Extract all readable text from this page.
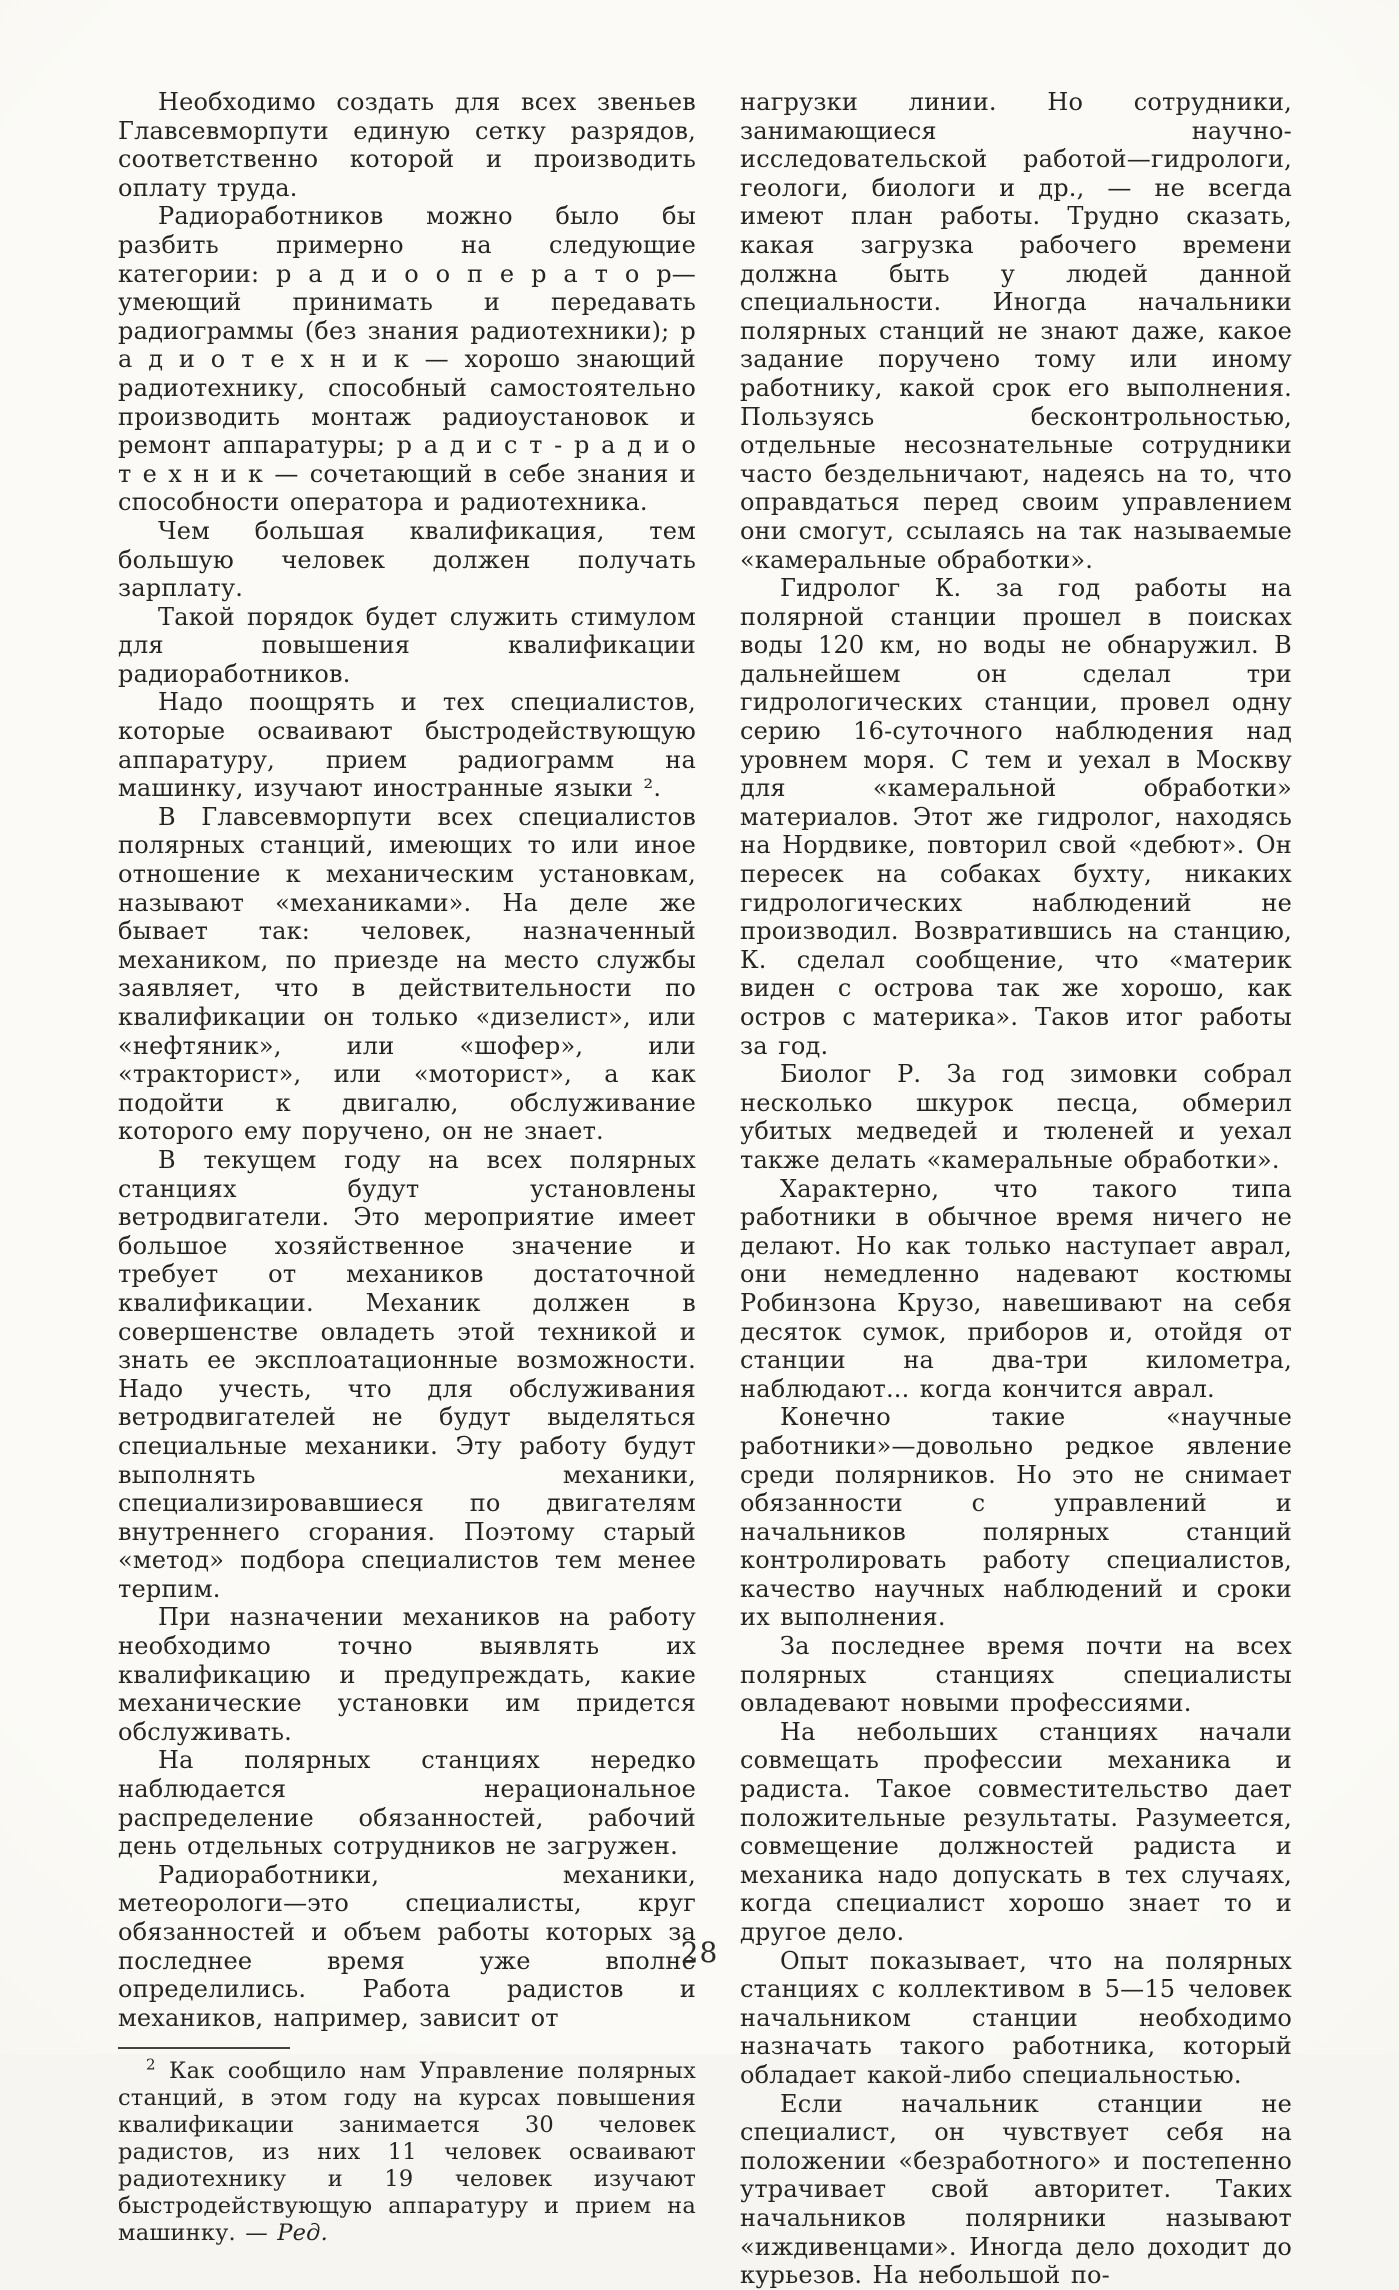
Необходимо создать для всех звеньев Главсевморпути единую сетку разрядов, соответственно которой и производить оплату труда.

Радиоработников можно было бы разбить примерно на следующие категории: р а д и о о п е р а т о р—умеющий принимать и передавать радиограммы (без знания радиотехники); р а д и о т е х н и к — хорошо знающий радиотехнику, способный самостоятельно производить монтаж радиоустановок и ремонт аппаратуры; р а д и с т - р а д и о т е х н и к — сочетающий в себе знания и способности оператора и радиотехника.

Чем большая квалификация, тем большую человек должен получать зарплату.

Такой порядок будет служить стимулом для повышения квалификации радиоработников.

Надо поощрять и тех специалистов, которые осваивают быстродействующую аппаратуру, прием радиограмм на машинку, изучают иностранные языки ².

В Главсевморпути всех специалистов полярных станций, имеющих то или иное отношение к механическим установкам, называют «механиками». На деле же бывает так: человек, назначенный механиком, по приезде на место службы заявляет, что в действительности по квалификации он только «дизелист», или «нефтяник», или «шофер», или «тракторист», или «моторист», а как подойти к двигалю, обслуживание которого ему поручено, он не знает.

В текущем году на всех полярных станциях будут установлены ветродвигатели. Это мероприятие имеет большое хозяйственное значение и требует от механиков достаточной квалификации. Механик должен в совершенстве овладеть этой техникой и знать ее эксплоатационные возможности. Надо учесть, что для обслуживания ветродвигателей не будут выделяться специальные механики. Эту работу будут выполнять механики, специализировавшиеся по двигателям внутреннего сгорания. Поэтому старый «метод» подбора специалистов тем менее терпим.

При назначении механиков на работу необходимо точно выявлять их квалификацию и предупреждать, какие механические установки им придется обслуживать.

На полярных станциях нередко наблюдается нерациональное распределение обязанностей, рабочий день отдельных сотрудников не загружен.

Радиоработники, механики, метеорологи—это специалисты, круг обязанностей и объем работы которых за последнее время уже вполне определились. Работа радистов и механиков, например, зависит от

$^2$ Как сообщило нам Управление полярных станций, в этом году на курсах повышения квалификации занимается 30 человек радистов, из них 11 человек осваивают радиотехнику и 19 человек изучают быстродействующую аппаратуру и прием на машинку. — Ред.

нагрузки линии. Но сотрудники, занимающиеся научно-исследовательской работой—гидрологи, геологи, биологи и др., — не всегда имеют план работы. Трудно сказать, какая загрузка рабочего времени должна быть у людей данной специальности. Иногда начальники полярных станций не знают даже, какое задание поручено тому или иному работнику, какой срок его выполнения. Пользуясь бесконтрольностью, отдельные несознательные сотрудники часто бездельничают, надеясь на то, что оправдаться перед своим управлением они смогут, ссылаясь на так называемые «камеральные обработки».

Гидролог К. за год работы на полярной станции прошел в поисках воды 120 км, но воды не обнаружил. В дальнейшем он сделал три гидрологических станции, провел одну серию 16-суточного наблюдения над уровнем моря. С тем и уехал в Москву для «камеральной обработки» материалов. Этот же гидролог, находясь на Нордвике, повторил свой «дебют». Он пересек на собаках бухту, никаких гидрологических наблюдений не производил. Возвратившись на станцию, К. сделал сообщение, что «материк виден с острова так же хорошо, как остров с материка». Таков итог работы за год.

Биолог Р. За год зимовки собрал несколько шкурок песца, обмерил убитых медведей и тюленей и уехал также делать «камеральные обработки».

Характерно, что такого типа работники в обычное время ничего не делают. Но как только наступает аврал, они немедленно надевают костюмы Робинзона Крузо, навешивают на себя десяток сумок, приборов и, отойдя от станции на два-три километра, наблюдают... когда кончится аврал.

Конечно такие «научные работники»—довольно редкое явление среди полярников. Но это не снимает обязанности с управлений и начальников полярных станций контролировать работу специалистов, качество научных наблюдений и сроки их выполнения.

За последнее время почти на всех полярных станциях специалисты овладевают новыми профессиями.

На небольших станциях начали совмещать профессии механика и радиста. Такое совместительство дает положительные результаты. Разумеется, совмещение должностей радиста и механика надо допускать в тех случаях, когда специалист хорошо знает то и другое дело.

Опыт показывает, что на полярных станциях с коллективом в 5—15 человек начальником станции необходимо назначать такого работника, который обладает какой-либо специальностью.

Если начальник станции не специалист, он чувствует себя на положении «безработного» и постепенно утрачивает свой авторитет. Таких начальников полярники называют «иждивенцами». Иногда дело доходит до курьезов. На небольшой по-

28
